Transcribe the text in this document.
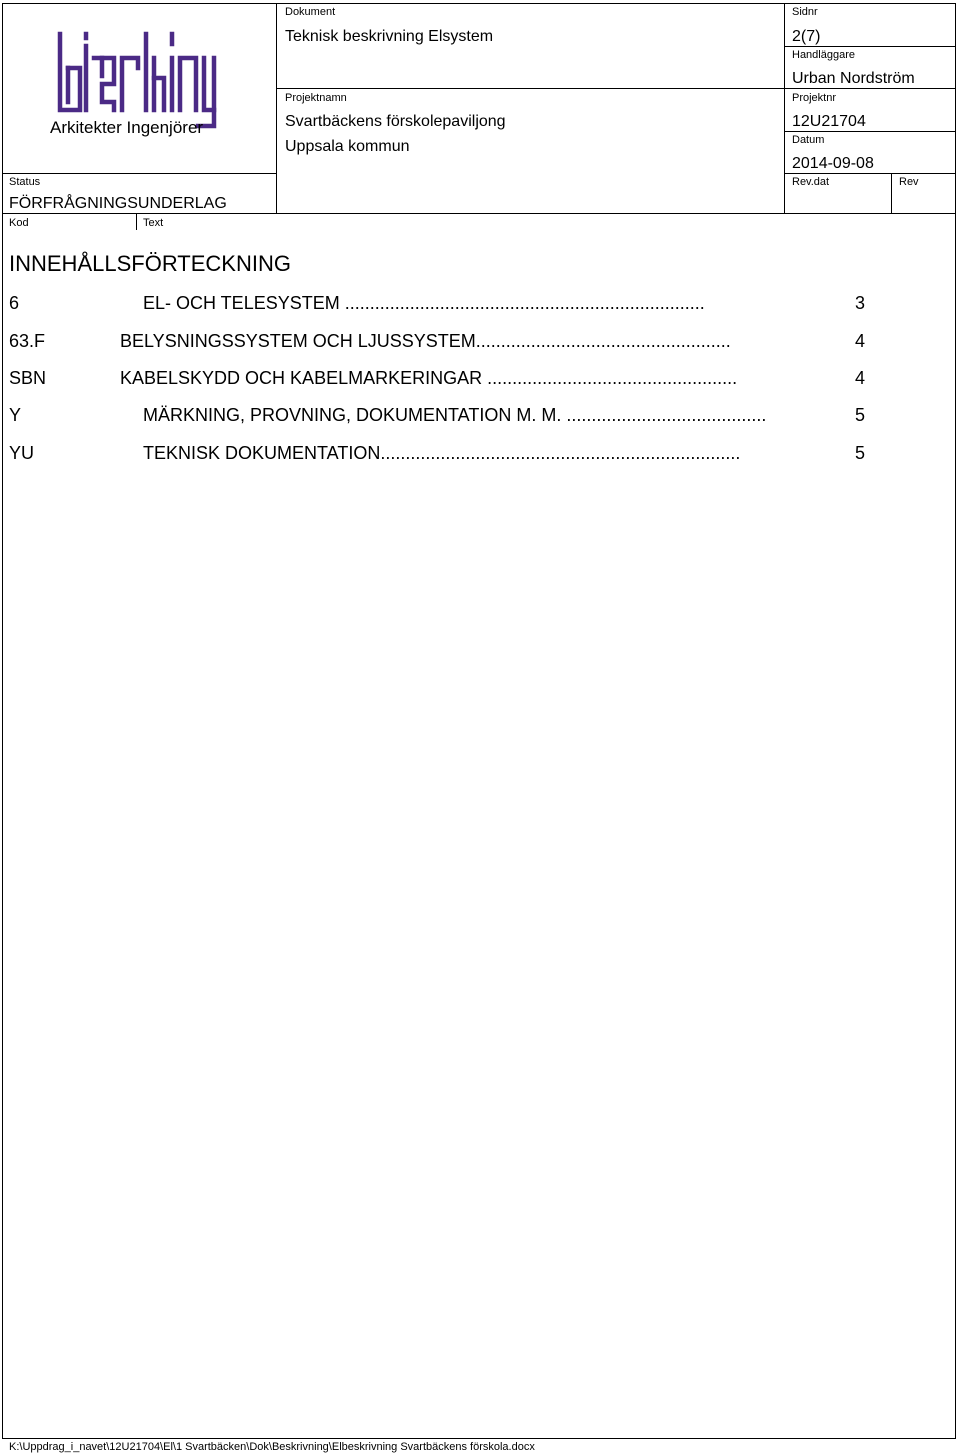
Arkitekter Ingenjörer
Status
FÖRFRÅGNINGSUNDERLAG
Kod	Text
Dokument
Teknisk beskrivning Elsystem
Projektnamn
Svartbäckens förskolepaviljong
Uppsala kommun
Sidnr
2(7)
Handläggare
Urban Nordström
Projektnr
12U21704
Datum
2014-09-08
Rev.dat	Rev
INNEHÅLLSFÖRTECKNING
6	EL- OCH TELESYSTEM ........................................................................	3
63.F	BELYSNINGSSYSTEM OCH LJUSSYSTEM...................................................	4
SBN	KABELSKYDD OCH KABELMARKERINGAR ..................................................	4
Y	MÄRKNING, PROVNING, DOKUMENTATION M. M. ........................................	5
YU	TEKNISK DOKUMENTATION........................................................................	5
K:\Uppdrag_i_navet\12U21704\El\1 Svartbäcken\Dok\Beskrivning\Elbeskrivning Svartbäckens förskola.docx
